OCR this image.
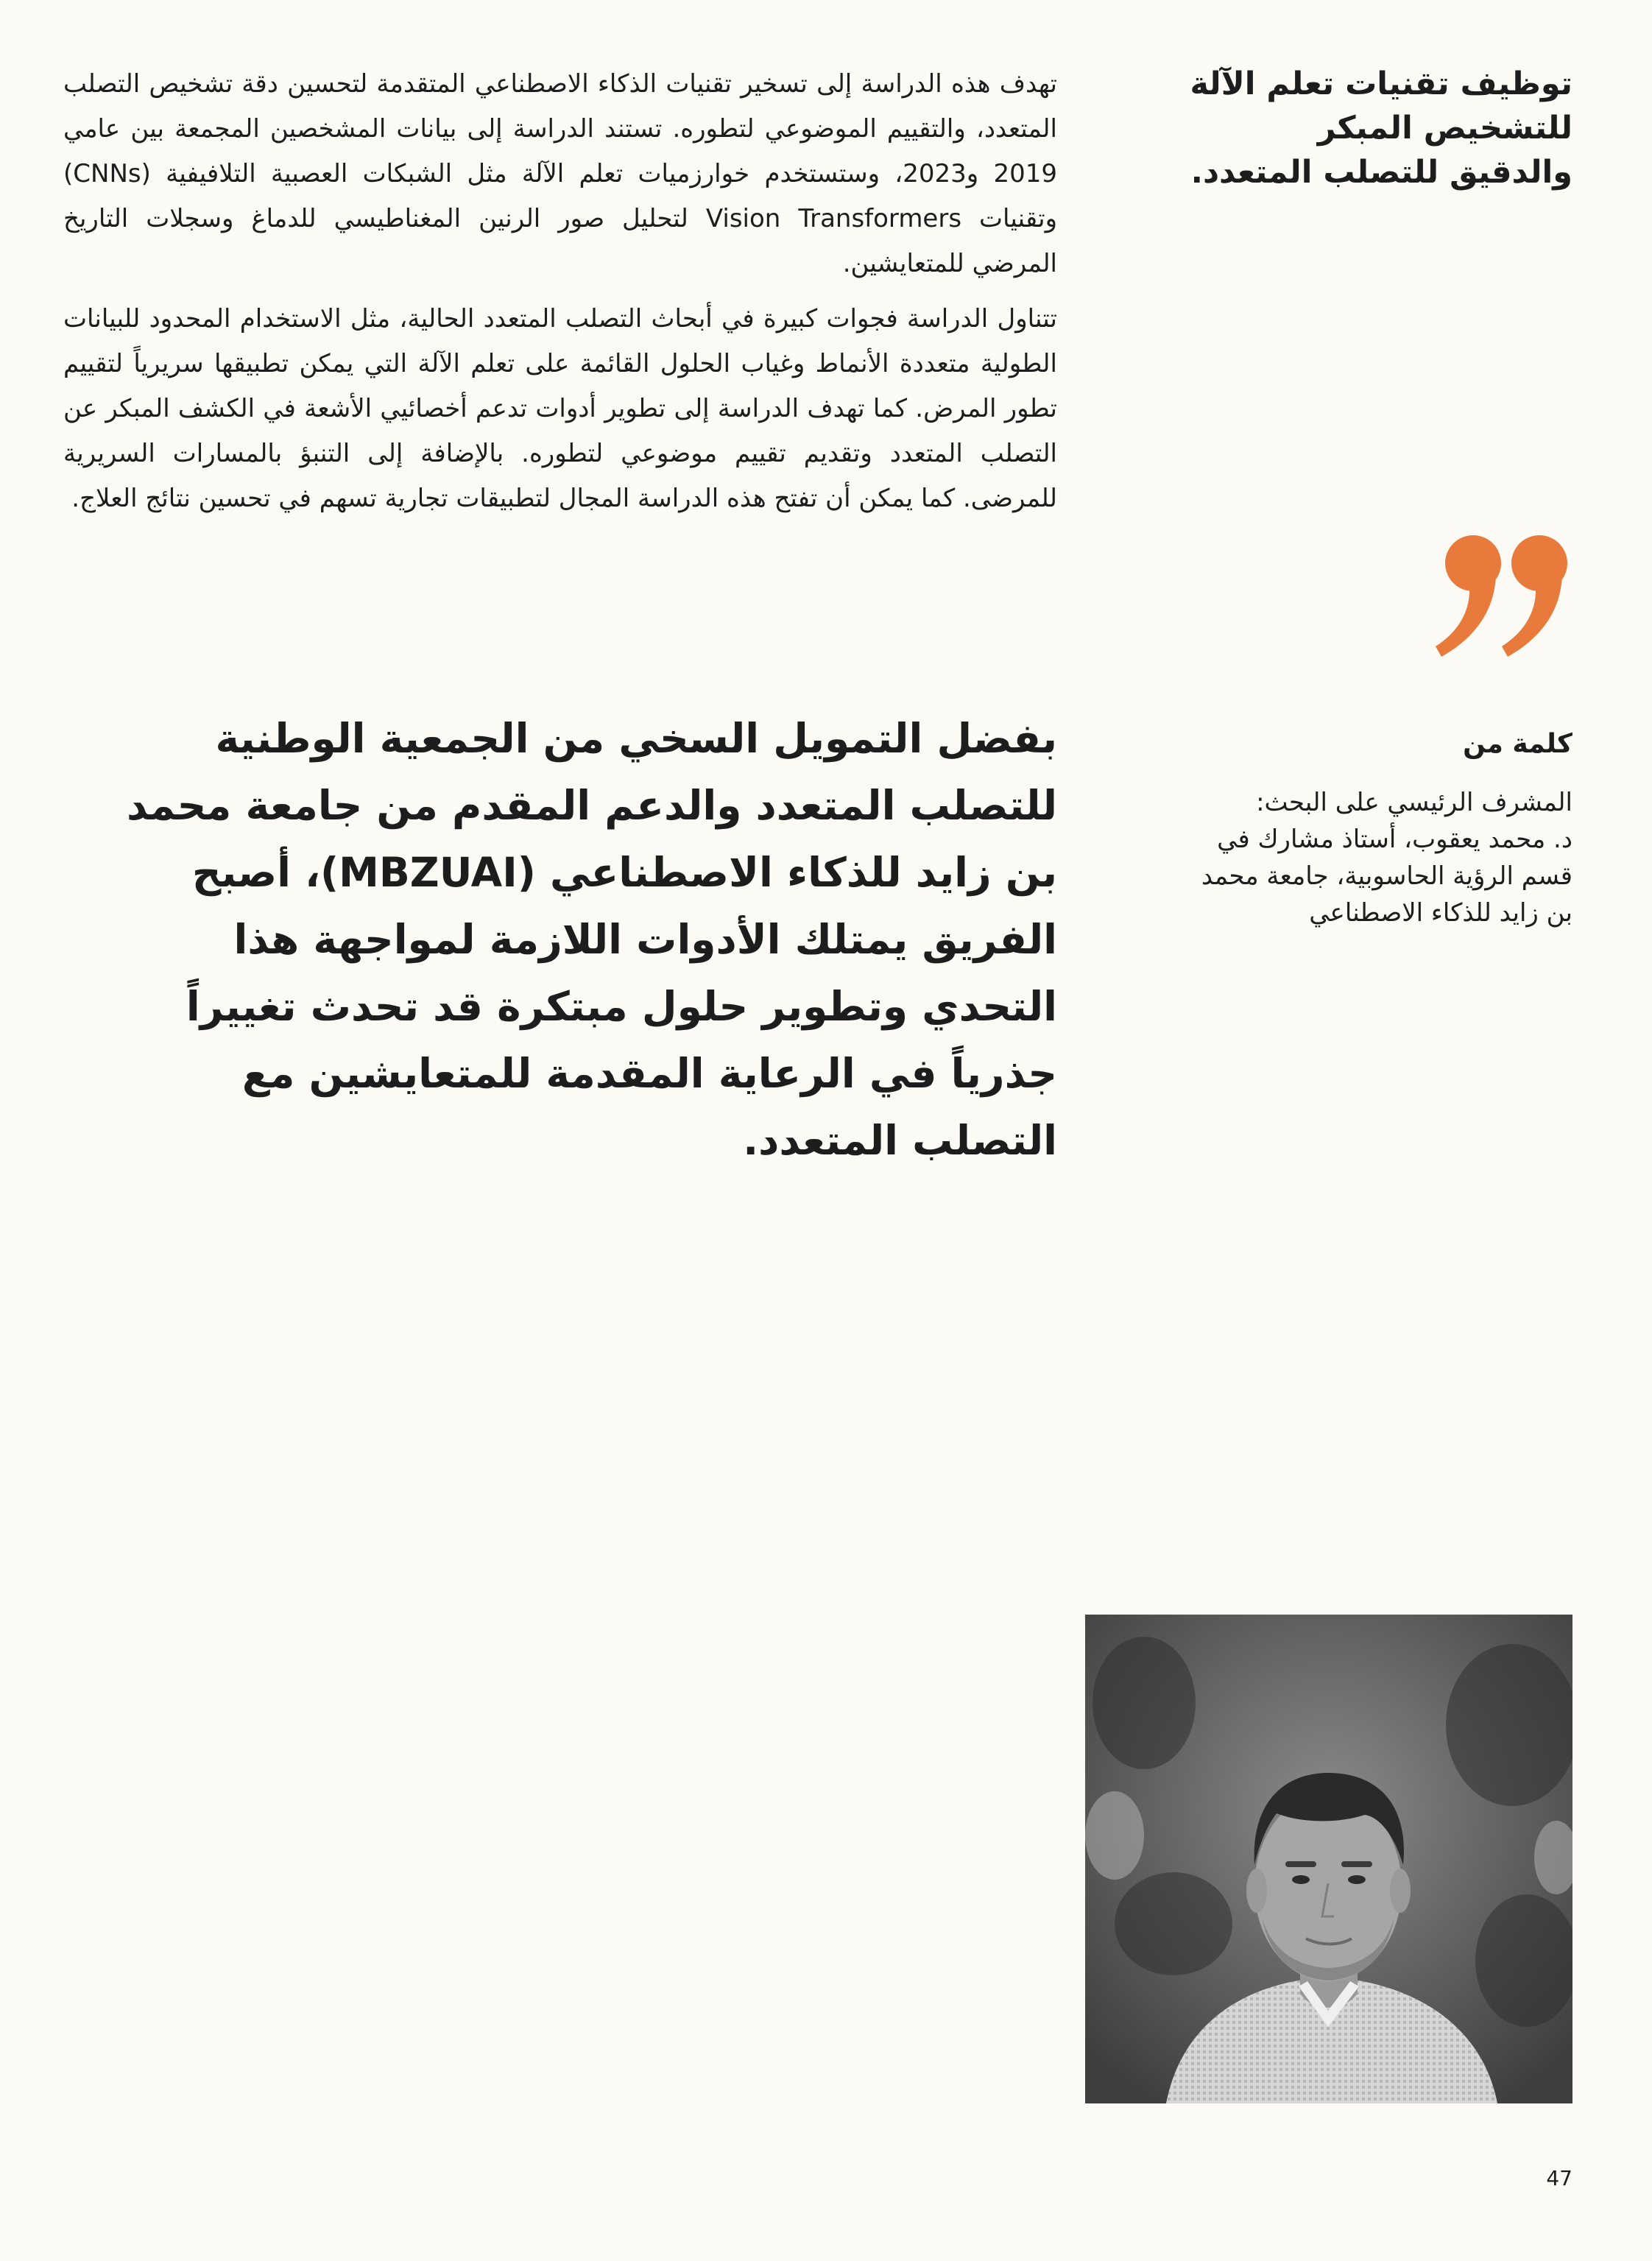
توظيف تقنيات تعلم الآلة للتشخيص المبكر والدقيق للتصلب المتعدد.

تهدف هذه الدراسة إلى تسخير تقنيات الذكاء الاصطناعي المتقدمة لتحسين دقة تشخيص التصلب المتعدد، والتقييم الموضوعي لتطوره. تستند الدراسة إلى بيانات المشخصين المجمعة بين عامي 2019 و2023، وستستخدم خوارزميات تعلم الآلة مثل الشبكات العصبية التلافيفية (CNNs) وتقنيات Vision Transformers لتحليل صور الرنين المغناطيسي للدماغ وسجلات التاريخ المرضي للمتعايشين.

تتناول الدراسة فجوات كبيرة في أبحاث التصلب المتعدد الحالية، مثل الاستخدام المحدود للبيانات الطولية متعددة الأنماط وغياب الحلول القائمة على تعلم الآلة التي يمكن تطبيقها سريرياً لتقييم تطور المرض. كما تهدف الدراسة إلى تطوير أدوات تدعم أخصائيي الأشعة في الكشف المبكر عن التصلب المتعدد وتقديم تقييم موضوعي لتطوره. بالإضافة إلى التنبؤ بالمسارات السريرية للمرضى. كما يمكن أن تفتح هذه الدراسة المجال لتطبيقات تجارية تسهم في تحسين نتائج العلاج.

كلمة من

المشرف الرئيسي على البحث:
د. محمد يعقوب، أستاذ مشارك في
قسم الرؤية الحاسوبية، جامعة محمد
بن زايد للذكاء الاصطناعي

بفضل التمويل السخي من الجمعية الوطنية للتصلب المتعدد والدعم المقدم من جامعة محمد بن زايد للذكاء الاصطناعي (MBZUAI)، أصبح الفريق يمتلك الأدوات اللازمة لمواجهة هذا التحدي وتطوير حلول مبتكرة قد تحدث تغييراً جذرياً في الرعاية المقدمة للمتعايشين مع التصلب المتعدد.

47
